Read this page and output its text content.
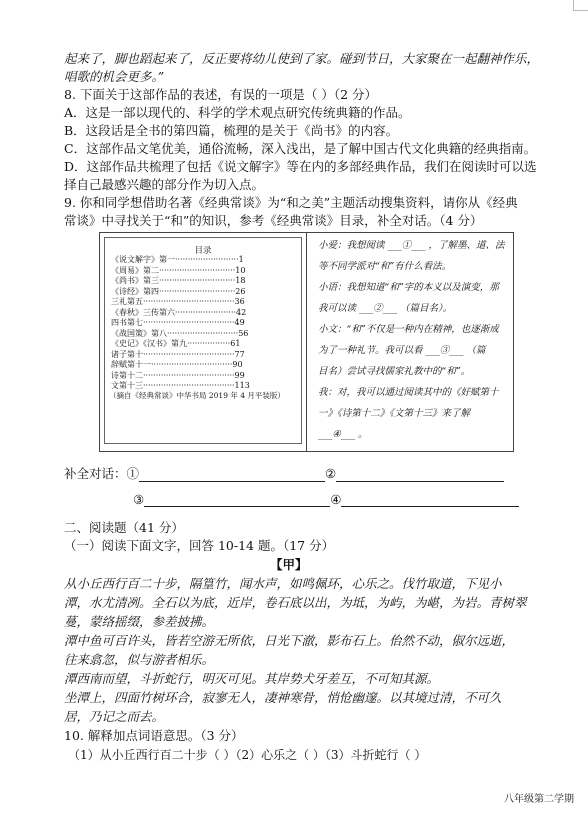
起来了，脚也蹈起来了，反正要将幼儿使到了家。碰到节日，大家聚在一起翻神作乐，
唱歌的机会更多。”
8. 下面关于这部作品的表述，有误的一项是（ ）（2 分）
A．这是一部以现代的、科学的学术观点研究传统典籍的作品。
B．这段话是全书的第四篇，梳理的是关于《尚书》的内容。
C．这部作品文笔优美，通俗流畅，深入浅出，是了解中国古代文化典籍的经典指南。
D．这部作品共梳理了包括《说文解字》等在内的多部经典作品，我们在阅读时可以选
择自己最感兴趣的部分作为切入点。
9. 你和同学想借助名著《经典常谈》为“和之美”主题活动搜集资料，请你从《经典
常谈》中寻找关于“和”的知识，参考《经典常谈》目录，补全对话。（4 分）
目录
《说文解字》第一·························1
《周易》第二······························10
《尚书》第三······························18
《诗经》第四······························26
三礼第五····································36
《春秋》三传第六························42
四书第七····································49
《战国策》第八····························56
《史记》《汉书》第九·················61
诸子第十····································77
辞赋第十一································90
诗第十二····································99
文第十三····································113
（摘自《经典常谈》中华书局 2019 年 4 月平装版）
小爱：我想阅读 ___①___ ，了解墨、道、法
等不同学派对“和”有什么看法。
小语：我想知道“和”字的本义以及演变，那
我可以读 ___②___ （篇目名）。
小文：“和”不仅是一种内在精神，也逐渐成
为了一种礼节。我可以看 ___③___ （篇
目名）尝试寻找儒家礼教中的“和”。
我：对，我可以通过阅读其中的《好赋第十
一》《诗第十二》《文第十三》来了解
___④___ 。
补全对话：①	②
③	④
二、阅读题（41 分）
（一）阅读下面文字，回答 10-14 题。（17 分）
【甲】
从小丘西行百二十步，隔篁竹，闻水声，如鸣佩环，心乐之。伐竹取道，下见小
潭，水尤清冽。全石以为底，近岸，卷石底以出，为坻，为屿，为嵁，为岩。青树翠
蔓，蒙络摇缀，参差披拂。
潭中鱼可百许头，皆若空游无所依，日光下澈，影布石上。佁然不动，俶尔远逝，
往来翕忽，似与游者相乐。
潭西南而望，斗折蛇行，明灭可见。其岸势犬牙差互，不可知其源。
坐潭上，四面竹树环合，寂寥无人，凄神寒骨，悄怆幽邃。以其境过清，不可久
居，乃记之而去。
10. 解释加点词语意思。（3 分）
（1）从小丘西行百二十步（ ）（2）心乐之（ ）（3）斗折蛇行（ ）
八年级第二学期
